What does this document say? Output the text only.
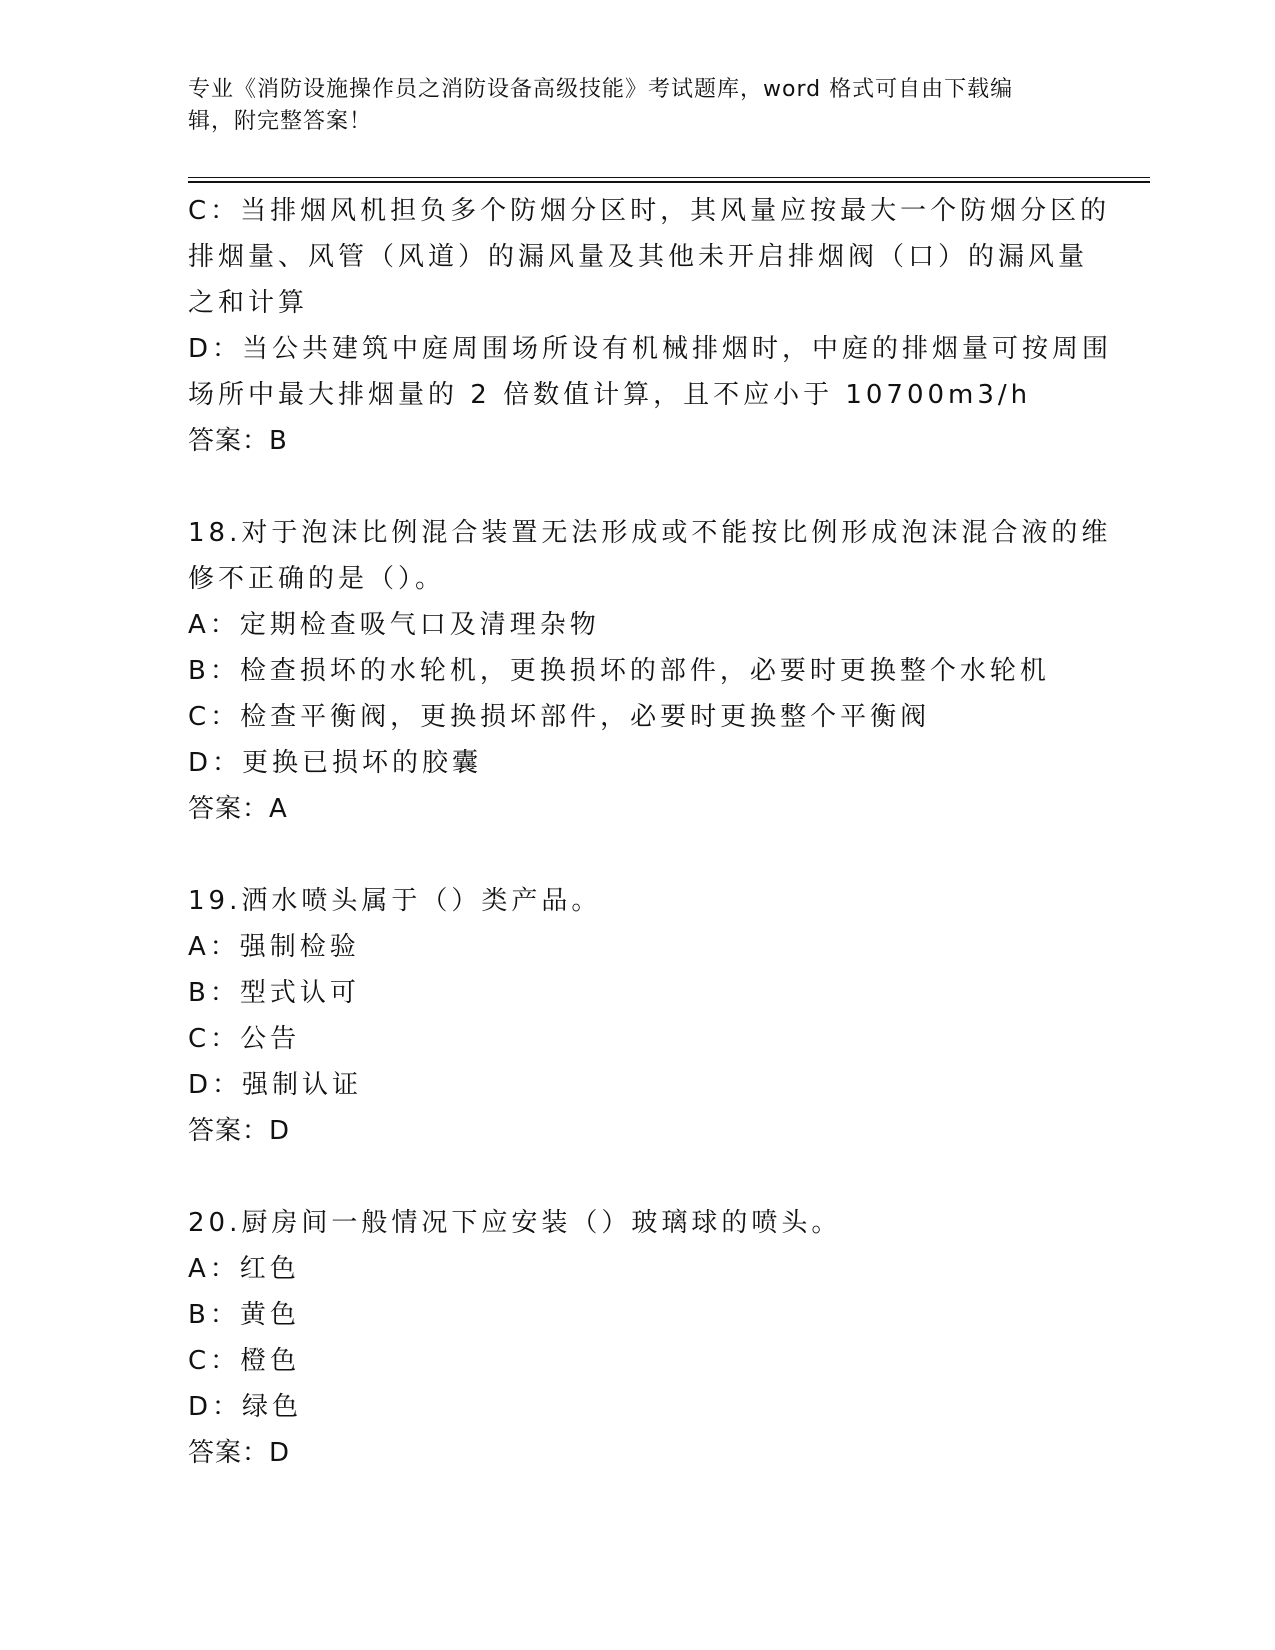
专业《消防设施操作员之消防设备高级技能》考试题库，word 格式可自由下载编
辑，附完整答案！
C：当排烟风机担负多个防烟分区时，其风量应按最大一个防烟分区的
排烟量、风管（风道）的漏风量及其他未开启排烟阀（口）的漏风量
之和计算
D：当公共建筑中庭周围场所设有机械排烟时，中庭的排烟量可按周围
场所中最大排烟量的 2 倍数值计算，且不应小于 10700m3/h
答案：B
18.对于泡沫比例混合装置无法形成或不能按比例形成泡沫混合液的维
修不正确的是（）。
A：定期检查吸气口及清理杂物
B：检查损坏的水轮机，更换损坏的部件，必要时更换整个水轮机
C：检查平衡阀，更换损坏部件，必要时更换整个平衡阀
D：更换已损坏的胶囊
答案：A
19.洒水喷头属于（）类产品。
A：强制检验
B：型式认可
C：公告
D：强制认证
答案：D
20.厨房间一般情况下应安装（）玻璃球的喷头。
A：红色
B：黄色
C：橙色
D：绿色
答案：D
